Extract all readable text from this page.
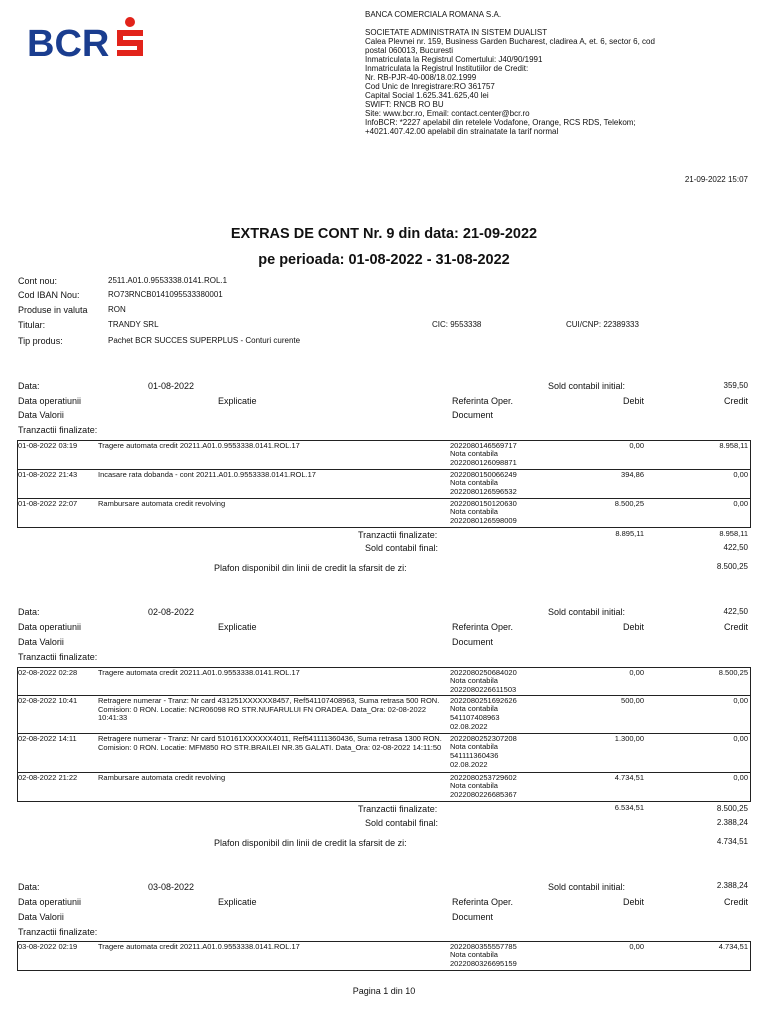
BCR
BANCA COMERCIALA ROMANA S.A.

SOCIETATE ADMINISTRATA IN SISTEM DUALIST
Calea Plevnei nr. 159, Business Garden Bucharest, cladirea A, et. 6, sector 6, cod
postal 060013, Bucuresti
Inmatriculata la Registrul Comertului: J40/90/1991
Inmatriculata la Registrul Institutiilor de Credit:
Nr. RB-PJR-40-008/18.02.1999
Cod Unic de Inregistrare:RO 361757
Capital Social 1.625.341.625,40 lei
SWIFT: RNCB RO BU
Site: www.bcr.ro, Email: contact.center@bcr.ro
InfoBCR: *2227 apelabil din retelele Vodafone, Orange, RCS RDS, Telekom;
+4021.407.42.00 apelabil din strainatate la tarif normal
21-09-2022 15:07
EXTRAS DE CONT Nr. 9 din data: 21-09-2022
pe perioada: 01-08-2022 - 31-08-2022
Cont nou:	2511.A01.0.9553338.0141.ROL.1
Cod IBAN Nou:	RO73RNCB0141095533380001
Produse in valuta	RON
Titular:	TRANDY SRL	CIC: 9553338	CUI/CNP: 22389333
Tip produs:	Pachet BCR SUCCES SUPERPLUS - Conturi curente
Data:	01-08-2022	Sold contabil initial:	359,50
Data operatiunii	Explicatie	Referinta Oper.	Debit	Credit
Data Valorii	Document
Tranzactii finalizate:
01-08-2022 03:19	Tragere automata credit 20211.A01.0.9553338.0141.ROL.17	2022080146569717
Nota contabila
2022080126098871
0,00	8.958,11
01-08-2022 21:43	Incasare rata dobanda - cont 20211.A01.0.9553338.0141.ROL.17	2022080150066249
Nota contabila
2022080126596532
394,86	0,00
01-08-2022 22:07	Rambursare automata credit revolving	2022080150120630
Nota contabila
2022080126598009
8.500,25	0,00
Tranzactii finalizate:	8.895,11	8.958,11
Sold contabil final:	422,50
Plafon disponibil din linii de credit la sfarsit de zi:	8.500,25
Data:	02-08-2022	Sold contabil initial:	422,50
Data operatiunii	Explicatie	Referinta Oper.	Debit	Credit
Data Valorii	Document
Tranzactii finalizate:
02-08-2022 02:28	Tragere automata credit 20211.A01.0.9553338.0141.ROL.17	2022080250684020
Nota contabila
2022080226611503
0,00	8.500,25
02-08-2022 10:41	Retragere numerar - Tranz: Nr card 431251XXXXXX8457, Ref541107408963, Suma retrasa 500 RON. Comision: 0 RON. Locatie: NCR06098 RO STR.NUFARULUI FN ORADEA. Data_Ora: 02-08-2022 10:41:33
2022080251692626
Nota contabila
541107408963
02.08.2022
500,00	0,00
02-08-2022 14:11	Retragere numerar - Tranz: Nr card 510161XXXXXX4011, Ref541111360436, Suma retrasa 1300 RON. Comision: 0 RON. Locatie: MFM850 RO STR.BRAILEI NR.35 GALATI. Data_Ora: 02-08-2022 14:11:50
2022080252307208
Nota contabila
541111360436
02.08.2022
1.300,00	0,00
02-08-2022 21:22	Rambursare automata credit revolving	2022080253729602
Nota contabila
2022080226685367
4.734,51	0,00
Tranzactii finalizate:	6.534,51	8.500,25
Sold contabil final:	2.388,24
Plafon disponibil din linii de credit la sfarsit de zi:	4.734,51
Data:	03-08-2022	Sold contabil initial:	2.388,24
Data operatiunii	Explicatie	Referinta Oper.	Debit	Credit
Data Valorii	Document
Tranzactii finalizate:
03-08-2022 02:19	Tragere automata credit 20211.A01.0.9553338.0141.ROL.17	2022080355557785
Nota contabila
2022080326695159
0,00	4.734,51
Pagina 1 din 10
